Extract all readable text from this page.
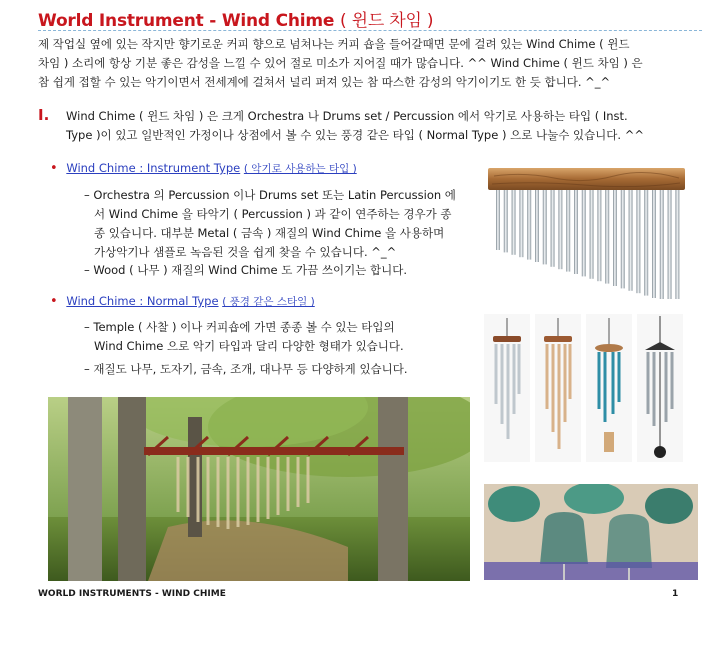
World Instrument - Wind Chime ( 윈드 차임 )
제 작업실 옆에 있는 작지만 향기로운 커피 향으로 넘쳐나는 커피 숍을 들어갈때면 문에 걸려 있는 Wind Chime ( 윈드
차임 ) 소리에 항상 기분 좋은 감성을 느낄 수 있어 절로 미소가 지어질 때가 많습니다. ^^ Wind Chime ( 윈드 차임 ) 은
참 쉽게 접할 수 있는 악기이면서 전세계에 걸쳐서 널리 퍼져 있는 참 따스한 감성의 악기이기도 한 듯 합니다. ^_^
I. Wind Chime ( 윈드 차임 ) 은 크게 Orchestra 나 Drums set / Percussion 에서 악기로 사용하는 타입 ( Inst.
Type )이 있고 일반적인 가정이나 상점에서 볼 수 있는 풍경 같은 타입 ( Normal Type ) 으로 나눌수 있습니다. ^^
• Wind Chime : Instrument Type ( 악기로 사용하는 타입 )
– Orchestra 의 Percussion 이나 Drums set 또는 Latin Percussion 에
서 Wind Chime 을 타악기 ( Percussion ) 과 같이 연주하는 경우가 종
종 있습니다. 대부분 Metal ( 금속 ) 재질의 Wind Chime 을 사용하며
가상악기나 샘플로 녹음된 것을 쉽게 찾을 수 있습니다. ^_^
– Wood ( 나무 ) 재질의 Wind Chime 도 가끔 쓰이기는 합니다.
• Wind Chime : Normal Type ( 풍경 같은 스타일 )
– Temple ( 사찰 ) 이나 커피숍에 가면 종종 볼 수 있는 타입의
Wind Chime 으로 악기 타입과 달리 다양한 형태가 있습니다.
– 재질도 나무, 도자기, 금속, 조개, 대나무 등 다양하게 있습니다.
WORLD INSTRUMENTS - WIND CHIME	1
